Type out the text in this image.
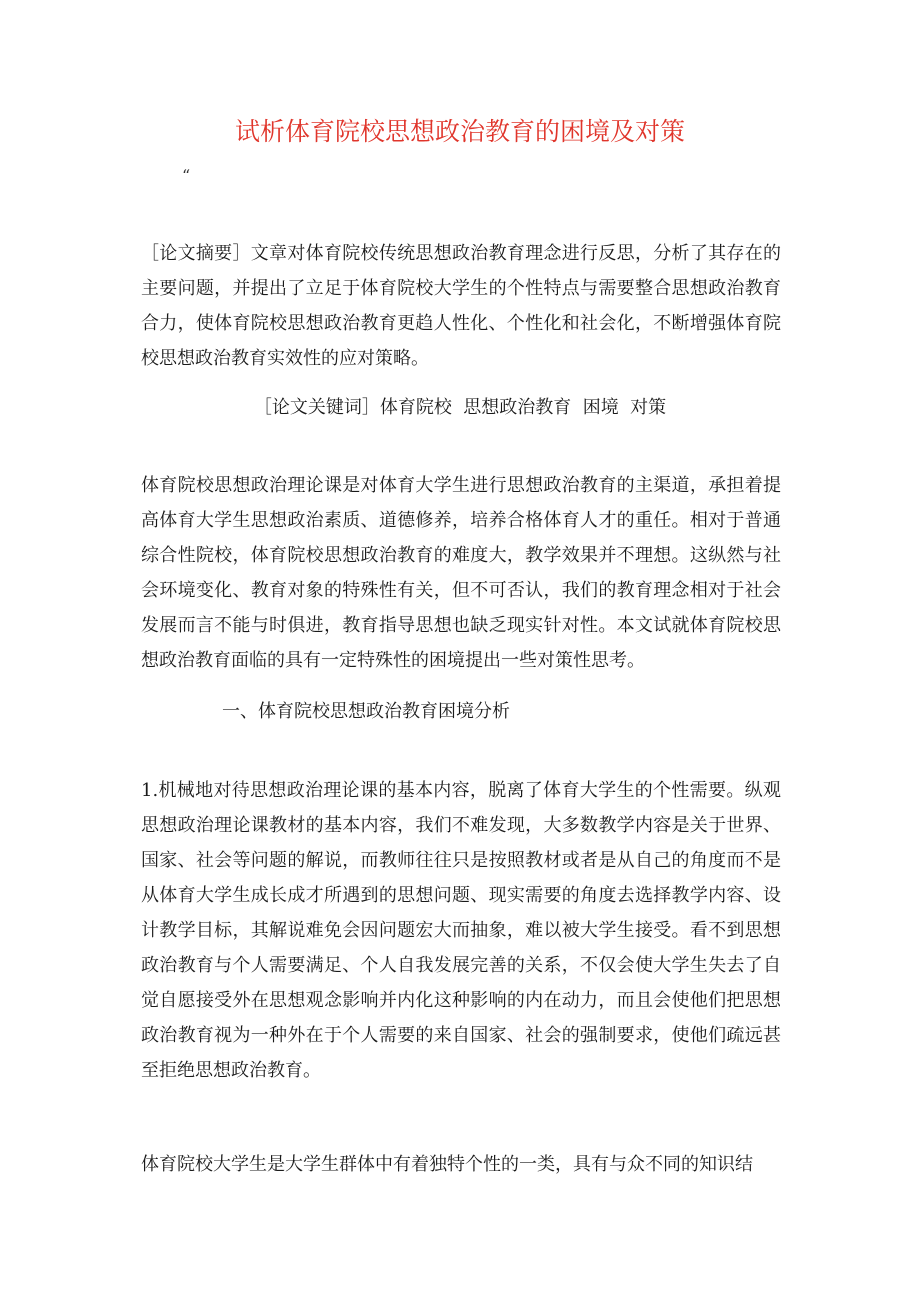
试析体育院校思想政治教育的困境及对策
“

［论文摘要］文章对体育院校传统思想政治教育理念进行反思，分析了其存在的主要问题，并提出了立足于体育院校大学生的个性特点与需要整合思想政治教育合力，使体育院校思想政治教育更趋人性化、个性化和社会化，不断增强体育院校思想政治教育实效性的应对策略。

［论文关键词］体育院校  思想政治教育  困境  对策

体育院校思想政治理论课是对体育大学生进行思想政治教育的主渠道，承担着提高体育大学生思想政治素质、道德修养，培养合格体育人才的重任。相对于普通综合性院校，体育院校思想政治教育的难度大，教学效果并不理想。这纵然与社会环境变化、教育对象的特殊性有关，但不可否认，我们的教育理念相对于社会发展而言不能与时俱进，教育指导思想也缺乏现实针对性。本文试就体育院校思想政治教育面临的具有一定特殊性的困境提出一些对策性思考。

一、体育院校思想政治教育困境分析

1.机械地对待思想政治理论课的基本内容，脱离了体育大学生的个性需要。纵观思想政治理论课教材的基本内容，我们不难发现，大多数教学内容是关于世界、国家、社会等问题的解说，而教师往往只是按照教材或者是从自己的角度而不是从体育大学生成长成才所遇到的思想问题、现实需要的角度去选择教学内容、设计教学目标，其解说难免会因问题宏大而抽象，难以被大学生接受。看不到思想政治教育与个人需要满足、个人自我发展完善的关系，不仅会使大学生失去了自觉自愿接受外在思想观念影响并内化这种影响的内在动力，而且会使他们把思想政治教育视为一种外在于个人需要的来自国家、社会的强制要求，使他们疏远甚至拒绝思想政治教育。

体育院校大学生是大学生群体中有着独特个性的一类，具有与众不同的知识结
